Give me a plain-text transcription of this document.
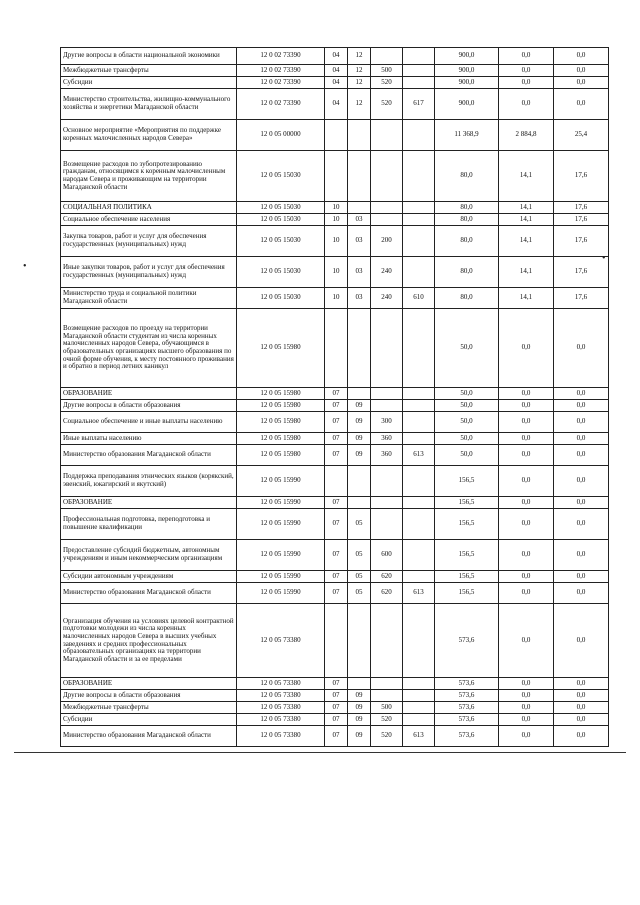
Другие вопросы в области национальной экономики	12 0 02 73390	04	12			900,0	0,0	0,0
Межбюджетные трансферты	12 0 02 73390	04	12	500		900,0	0,0	0,0
Субсидии	12 0 02 73390	04	12	520		900,0	0,0	0,0
Министерство строительства, жилищно-коммунального хозяйства и энергетики Магаданской области	12 0 02 73390	04	12	520	617	900,0	0,0	0,0
Основное мероприятие «Мероприятия по поддержке коренных малочисленных народов Севера»	12 0 05 00000					11 368,9	2 884,8	25,4
Возмещение расходов по зубопротезированию гражданам, относящимся к коренным малочисленным народам Севера и проживающим на территории Магаданской области	12 0 05 15030					80,0	14,1	17,6
СОЦИАЛЬНАЯ ПОЛИТИКА	12 0 05 15030	10				80,0	14,1	17,6
Социальное обеспечение населения	12 0 05 15030	10	03			80,0	14,1	17,6
Закупка товаров, работ и услуг для обеспечения государственных (муниципальных) нужд	12 0 05 15030	10	03	200		80,0	14,1	17,6
Иные закупки товаров, работ и услуг для обеспечения государственных (муниципальных) нужд	12 0 05 15030	10	03	240		80,0	14,1	17,6
Министерство труда и социальной политики Магаданской области	12 0 05 15030	10	03	240	610	80,0	14,1	17,6
Возмещение расходов по проезду на территории Магаданской области студентам из числа коренных малочисленных народов Севера, обучающимся в образовательных организациях высшего образования по очной форме обучения, к месту постоянного проживания и обратно в период летних каникул	12 0 05 15980					50,0	0,0	0,0
ОБРАЗОВАНИЕ	12 0 05 15980	07				50,0	0,0	0,0
Другие вопросы в области образования	12 0 05 15980	07	09			50,0	0,0	0,0
Социальное обеспечение и иные выплаты населению	12 0 05 15980	07	09	300		50,0	0,0	0,0
Иные выплаты населению	12 0 05 15980	07	09	360		50,0	0,0	0,0
Министерство образования Магаданской области	12 0 05 15980	07	09	360	613	50,0	0,0	0,0
Поддержка преподавания этнических языков (корякский, эвенский, юкагирский и якутский)	12 0 05 15990					156,5	0,0	0,0
ОБРАЗОВАНИЕ	12 0 05 15990	07				156,5	0,0	0,0
Профессиональная подготовка, переподготовка и повышение квалификации	12 0 05 15990	07	05			156,5	0,0	0,0
Предоставление субсидий бюджетным, автономным учреждениям и иным некоммерческим организациям	12 0 05 15990	07	05	600		156,5	0,0	0,0
Субсидии автономным учреждениям	12 0 05 15990	07	05	620		156,5	0,0	0,0
Министерство образования Магаданской области	12 0 05 15990	07	05	620	613	156,5	0,0	0,0
Организация обучения на условиях целевой контрактной подготовки молодежи из числа коренных малочисленных народов Севера в высших учебных заведениях и средних профессиональных образовательных организациях на территории Магаданской области и за ее пределами	12 0 05 73380					573,6	0,0	0,0
ОБРАЗОВАНИЕ	12 0 05 73380	07				573,6	0,0	0,0
Другие вопросы в области образования	12 0 05 73380	07	09			573,6	0,0	0,0
Межбюджетные трансферты	12 0 05 73380	07	09	500		573,6	0,0	0,0
Субсидии	12 0 05 73380	07	09	520		573,6	0,0	0,0
Министерство образования Магаданской области	12 0 05 73380	07	09	520	613	573,6	0,0	0,0
•
•
